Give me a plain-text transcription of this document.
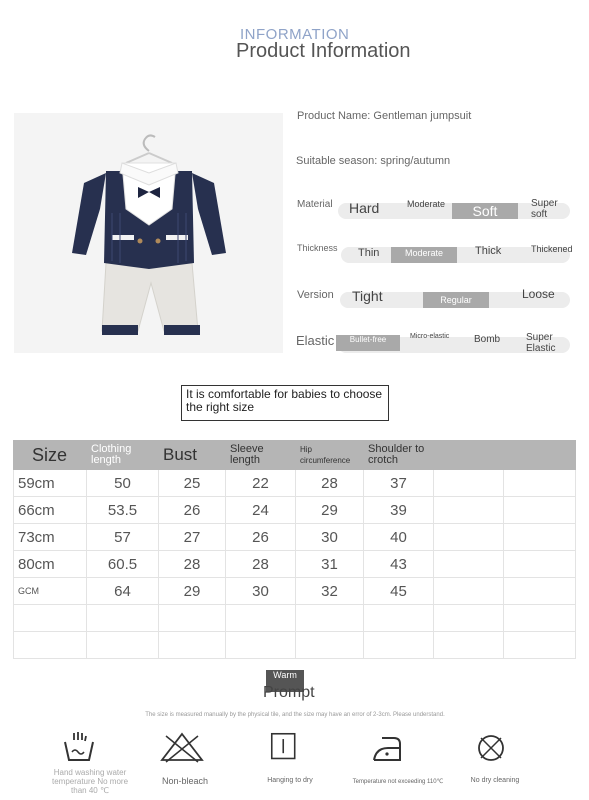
INFORMATION
Product Information
Product Name: Gentleman jumpsuit
Suitable season: spring/autumn
Material Hard	Moderate	Soft	Super soft
Thickness Thin	Moderate	Thick	Thickened
Version Tight	Regular	Loose
Elastic	Bullet-free	Micro-elastic Bomb	Super Elastic
It is comfortable for babies to choose the right size
Size	Clothing length	Bust	Sleeve length	Hip circumference	Shoulder to crotch		
59cm	50	25	22	28	37		
66cm	53.5	26	24	29	39		
73cm	57	27	26	30	40		
80cm	60.5	28	28	31	43		
GCM	64	29	30	32	45		

Warm
Prompt
The size is measured manually by the physical tile, and the size may have an error of 2-3cm. Please understand.
Hand washing water temperature No more than 40 ℃
Non-bleach	Hanging to dry	Temperature not exceeding 110℃	No dry cleaning
